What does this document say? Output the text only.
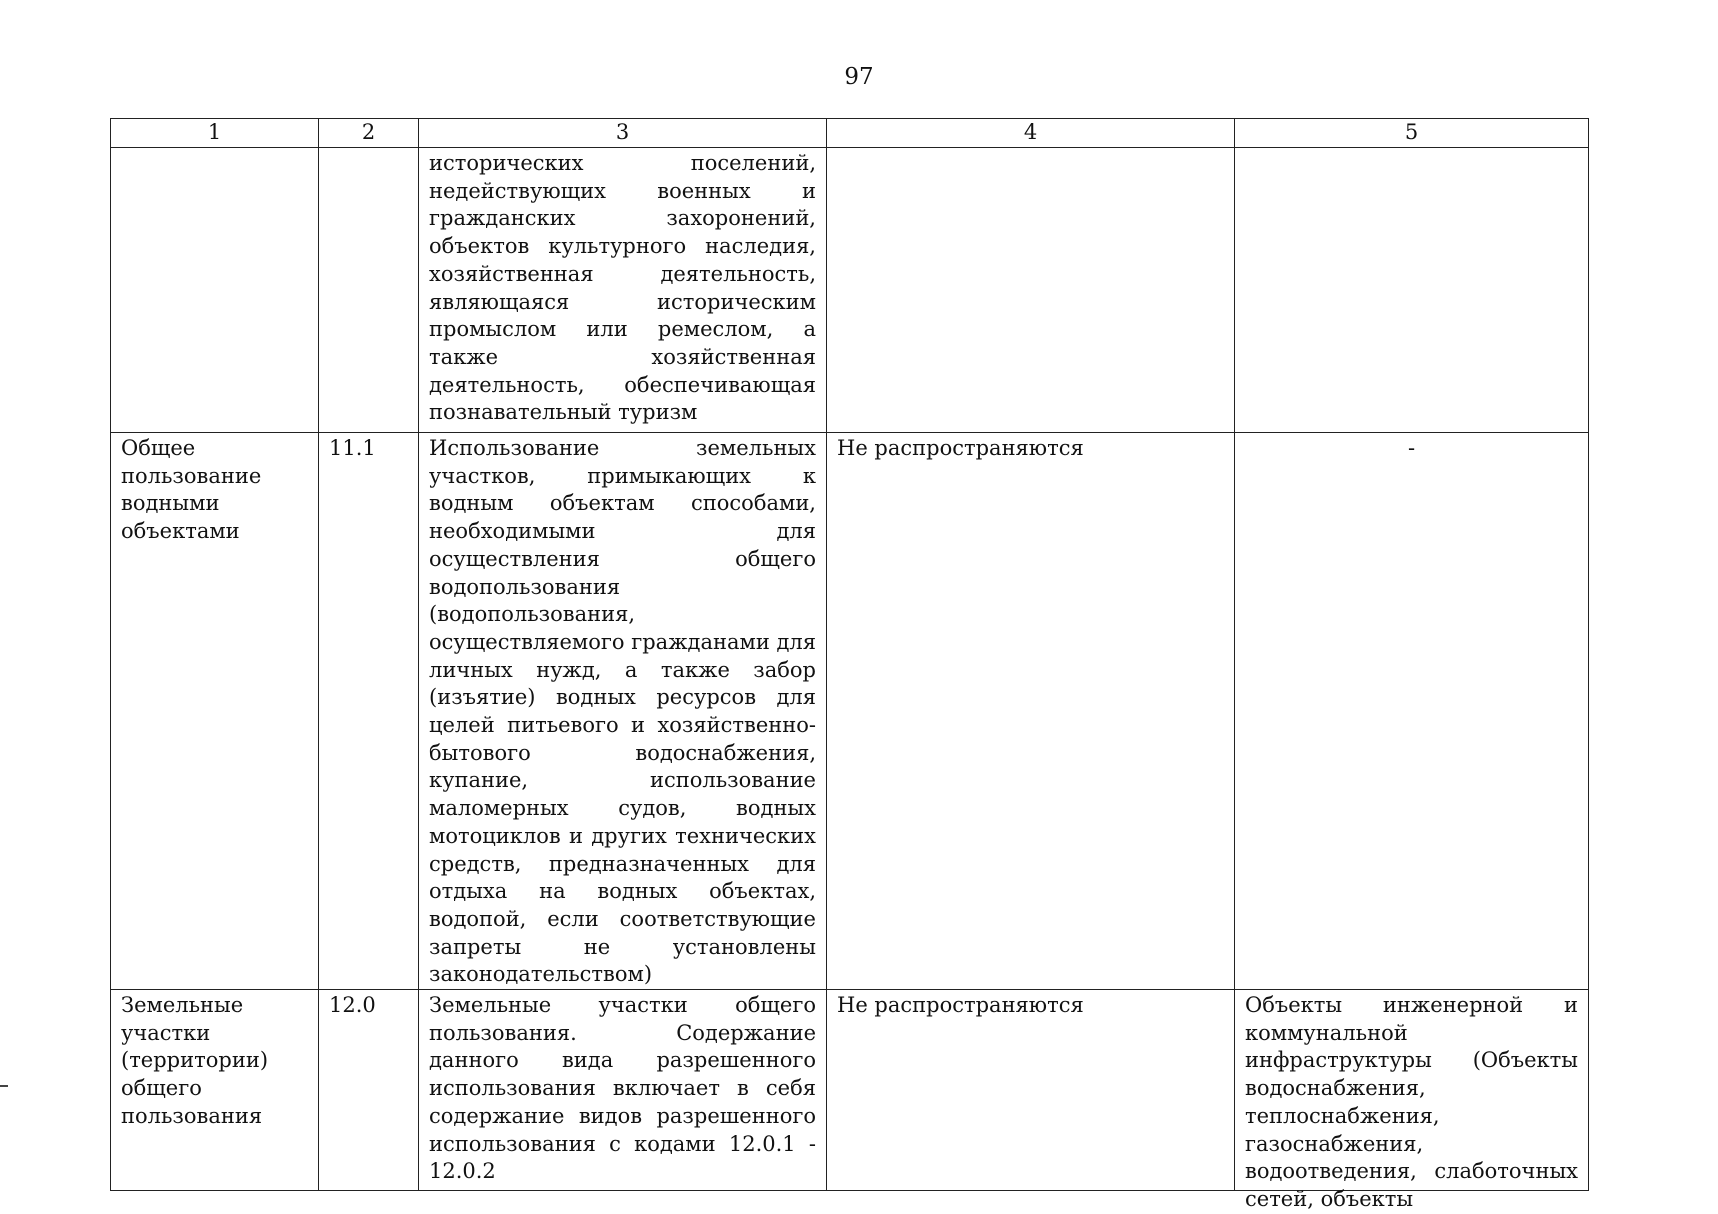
97
1	2	3	4	5
		исторических поселений, недействующих военных и гражданских захоронений, объектов культурного наследия, хозяйственная деятельность, являющаяся историческим промыслом или ремеслом, а также хозяйственная деятельность, обеспечивающая познавательный туризм		
Общее пользование водными объектами	11.1	Использование земельных участков, примыкающих к водным объектам способами, необходимыми для осуществления общего водопользования (водопользования, осуществляемого гражданами для личных нужд, а также забор (изъятие) водных ресурсов для целей питьевого и хозяйственно-бытового водоснабжения, купание, использование маломерных судов, водных мотоциклов и других технических средств, предназначенных для отдыха на водных объектах, водопой, если соответствующие запреты не установлены законодательством)	Не распространяются	-

Земельные участки (территории) общего пользования	12.0	Земельные участки общего пользования. Содержание данного вида разрешенного использования включает в себя содержание видов разрешенного использования с кодами 12.0.1 - 12.0.2	Не распространяются	Объекты инженерной и коммунальной инфраструктуры (Объекты водоснабжения, теплоснабжения, газоснабжения, водоотведения, слаботочных сетей, объекты
